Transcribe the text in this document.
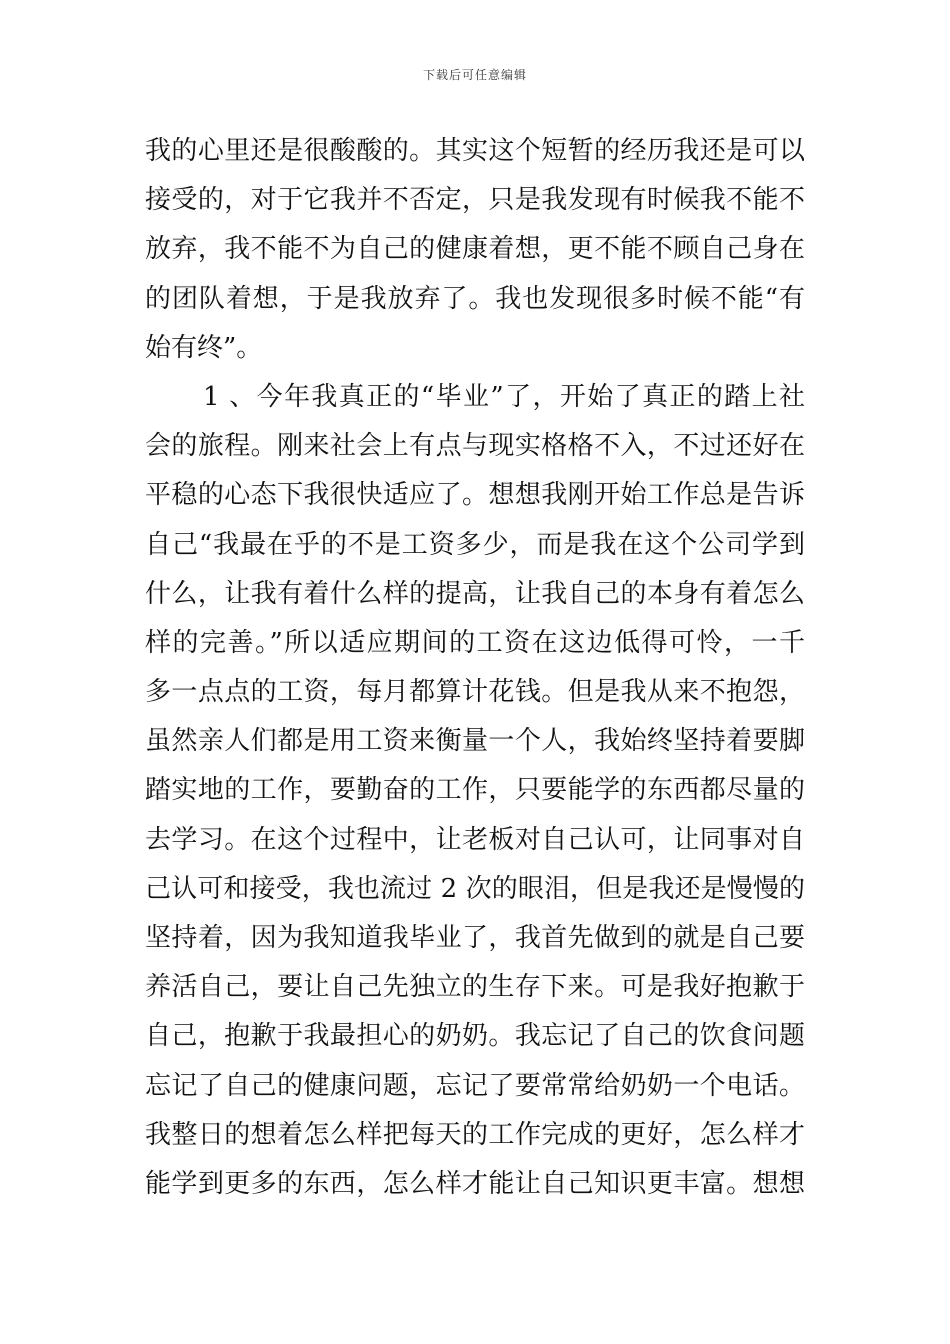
下载后可任意编辑
我的心里还是很酸酸的。其实这个短暂的经历我还是可以
接受的，对于它我并不否定，只是我发现有时候我不能不
放弃，我不能不为自己的健康着想，更不能不顾自己身在
的团队着想，于是我放弃了。我也发现很多时候不能“有
始有终”。
1 、今年我真正的“毕业”了，开始了真正的踏上社
会的旅程。刚来社会上有点与现实格格不入，不过还好在
平稳的心态下我很快适应了。想想我刚开始工作总是告诉
自己“我最在乎的不是工资多少，而是我在这个公司学到
什么，让我有着什么样的提高，让我自己的本身有着怎么
样的完善。”所以适应期间的工资在这边低得可怜，一千
多一点点的工资，每月都算计花钱。但是我从来不抱怨，
虽然亲人们都是用工资来衡量一个人，我始终坚持着要脚
踏实地的工作，要勤奋的工作，只要能学的东西都尽量的
去学习。在这个过程中，让老板对自己认可，让同事对自
己认可和接受，我也流过 2 次的眼泪，但是我还是慢慢的
坚持着，因为我知道我毕业了，我首先做到的就是自己要
养活自己，要让自己先独立的生存下来。可是我好抱歉于
自己，抱歉于我最担心的奶奶。我忘记了自己的饮食问题
忘记了自己的健康问题，忘记了要常常给奶奶一个电话。
我整日的想着怎么样把每天的工作完成的更好，怎么样才
能学到更多的东西，怎么样才能让自己知识更丰富。想想
